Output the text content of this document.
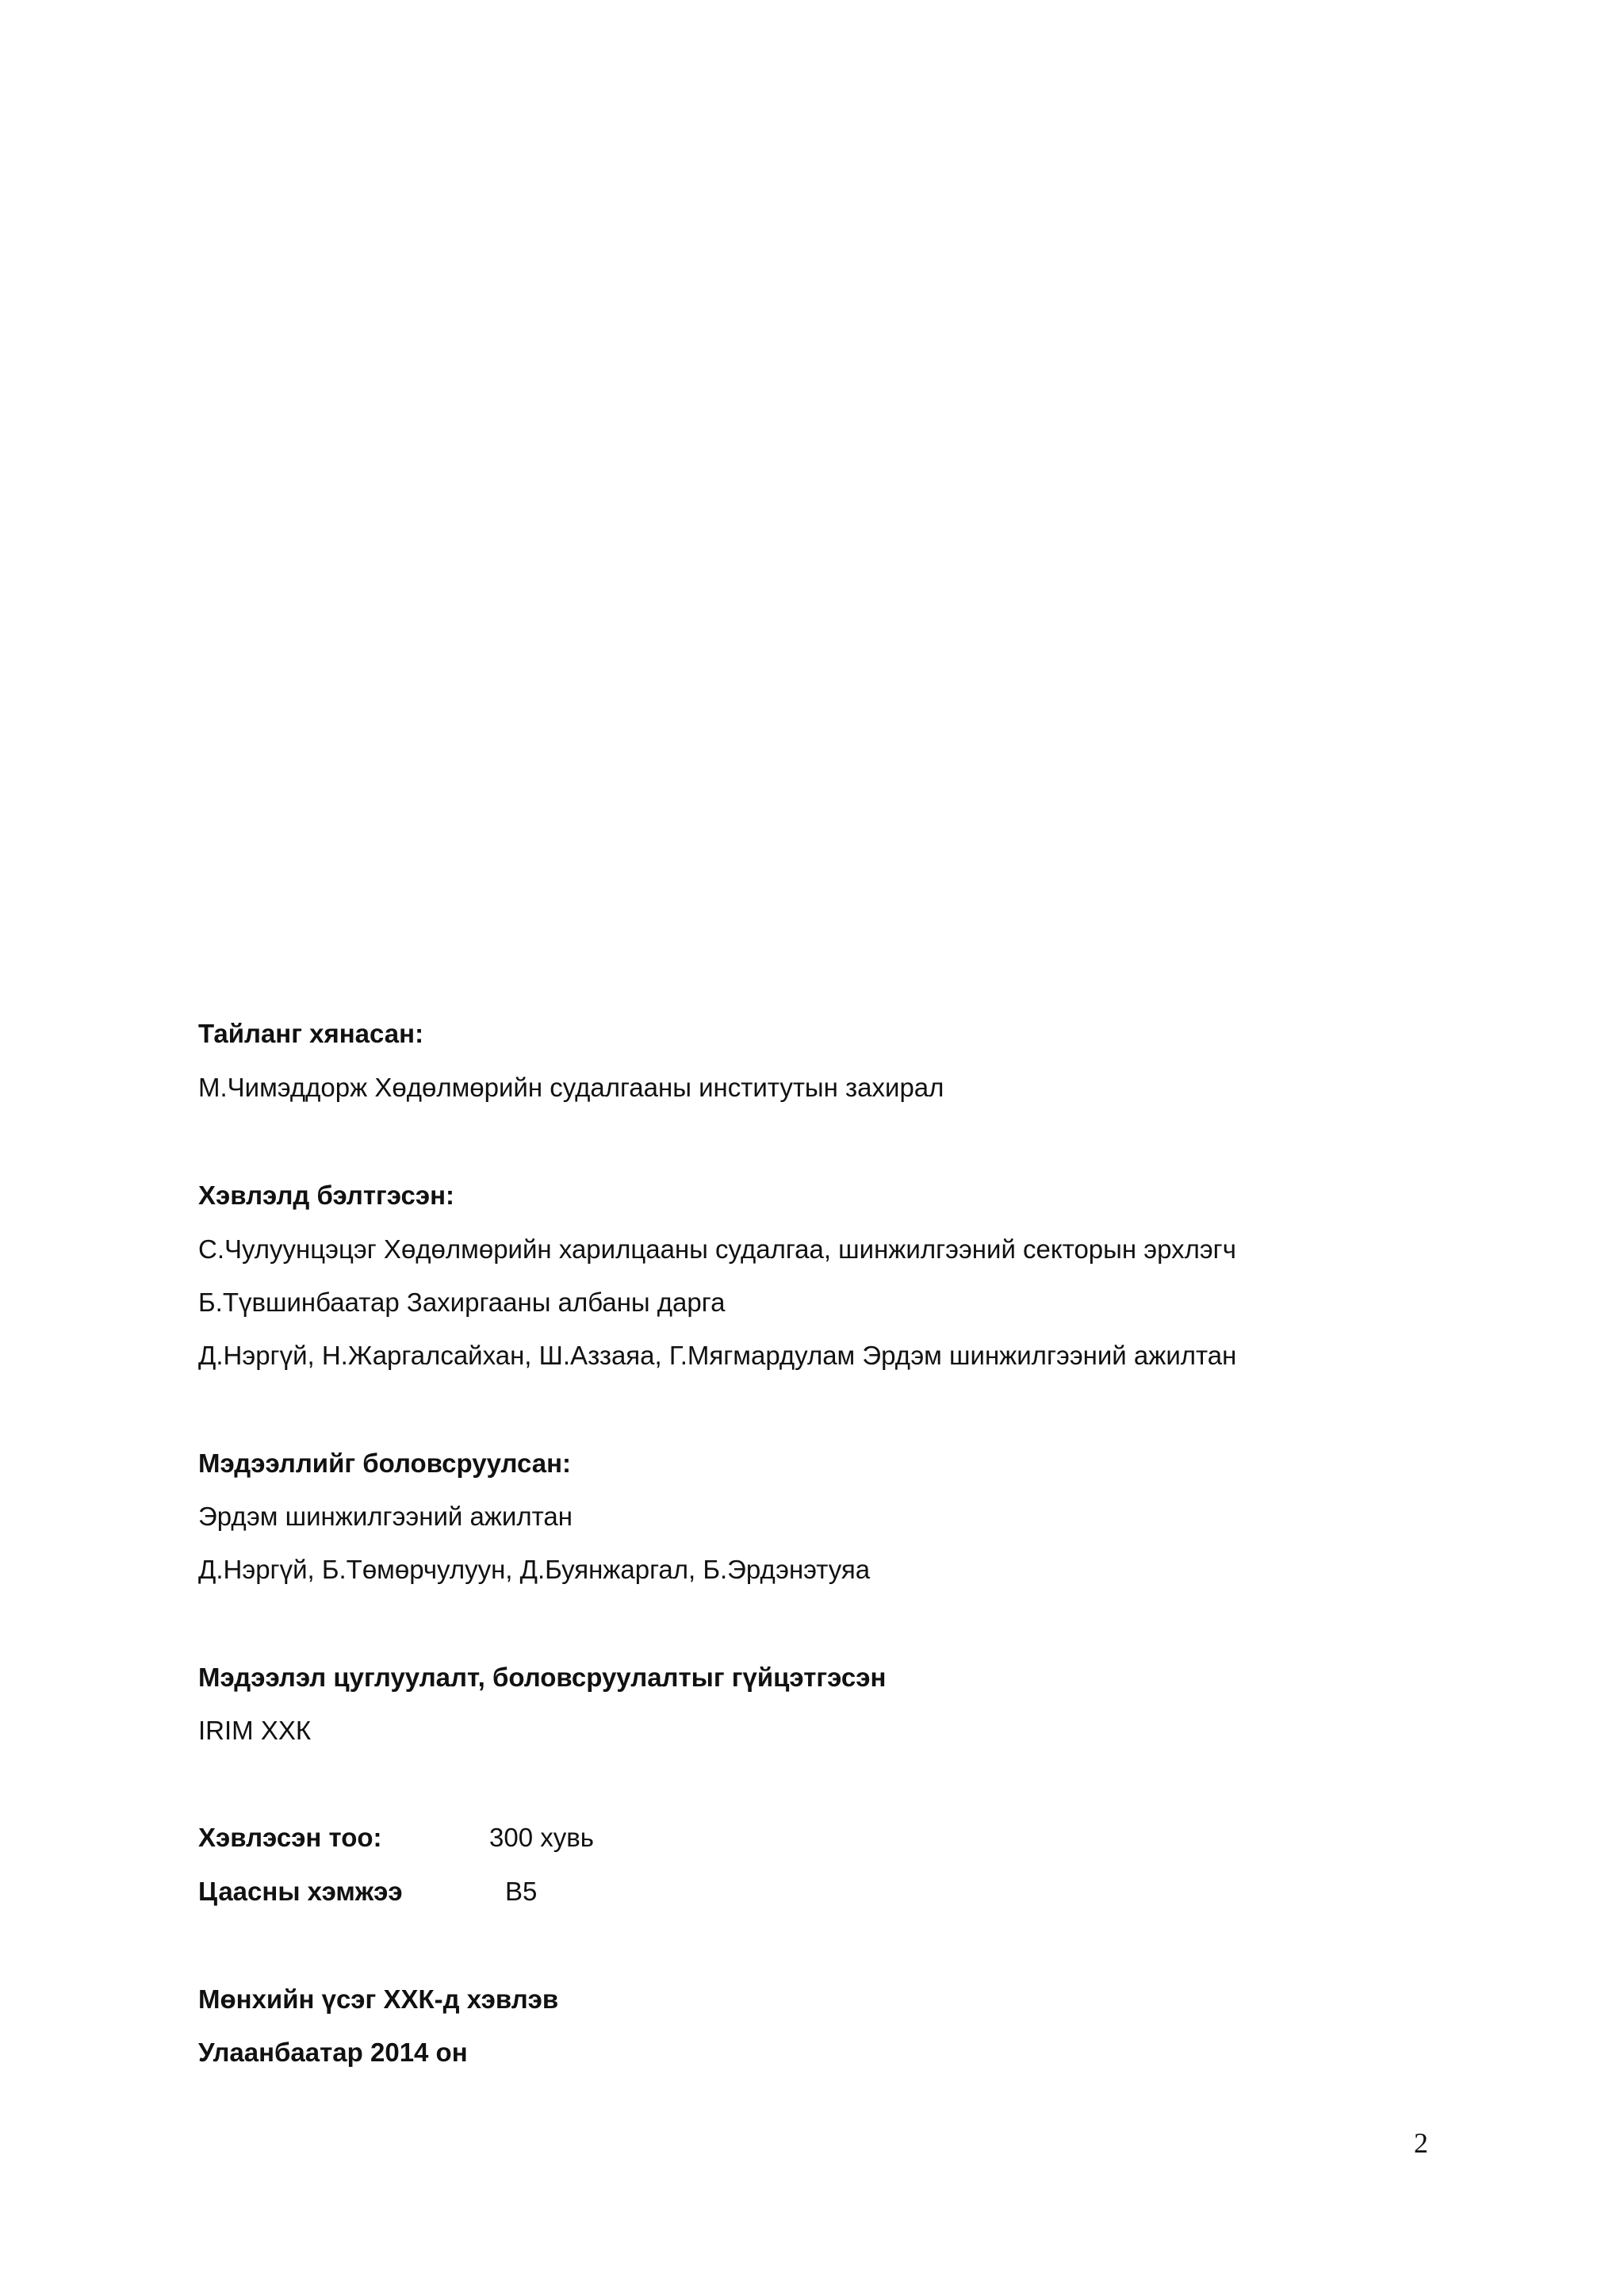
Тайланг хянасан:
М.Чимэддорж Хөдөлмөрийн судалгааны институтын захирал
Хэвлэлд бэлтгэсэн:
С.Чулуунцэцэг Хөдөлмөрийн харилцааны судалгаа, шинжилгээний секторын эрхлэгч
Б.Түвшинбаатар Захиргааны албаны дарга
Д.Нэргүй, Н.Жаргалсайхан, Ш.Аззаяа, Г.Мягмардулам Эрдэм шинжилгээний ажилтан
Мэдээллийг боловсруулсан:
Эрдэм шинжилгээний ажилтан
Д.Нэргүй, Б.Төмөрчулуун, Д.Буянжаргал, Б.Эрдэнэтуяа
Мэдээлэл цуглуулалт, боловсруулалтыг гүйцэтгэсэн
IRIM ХХК
Хэвлэсэн тоо:	300 хувь
Цаасны хэмжээ	B5
Мөнхийн үсэг ХХК-д хэвлэв
Улаанбаатар 2014 он
2
